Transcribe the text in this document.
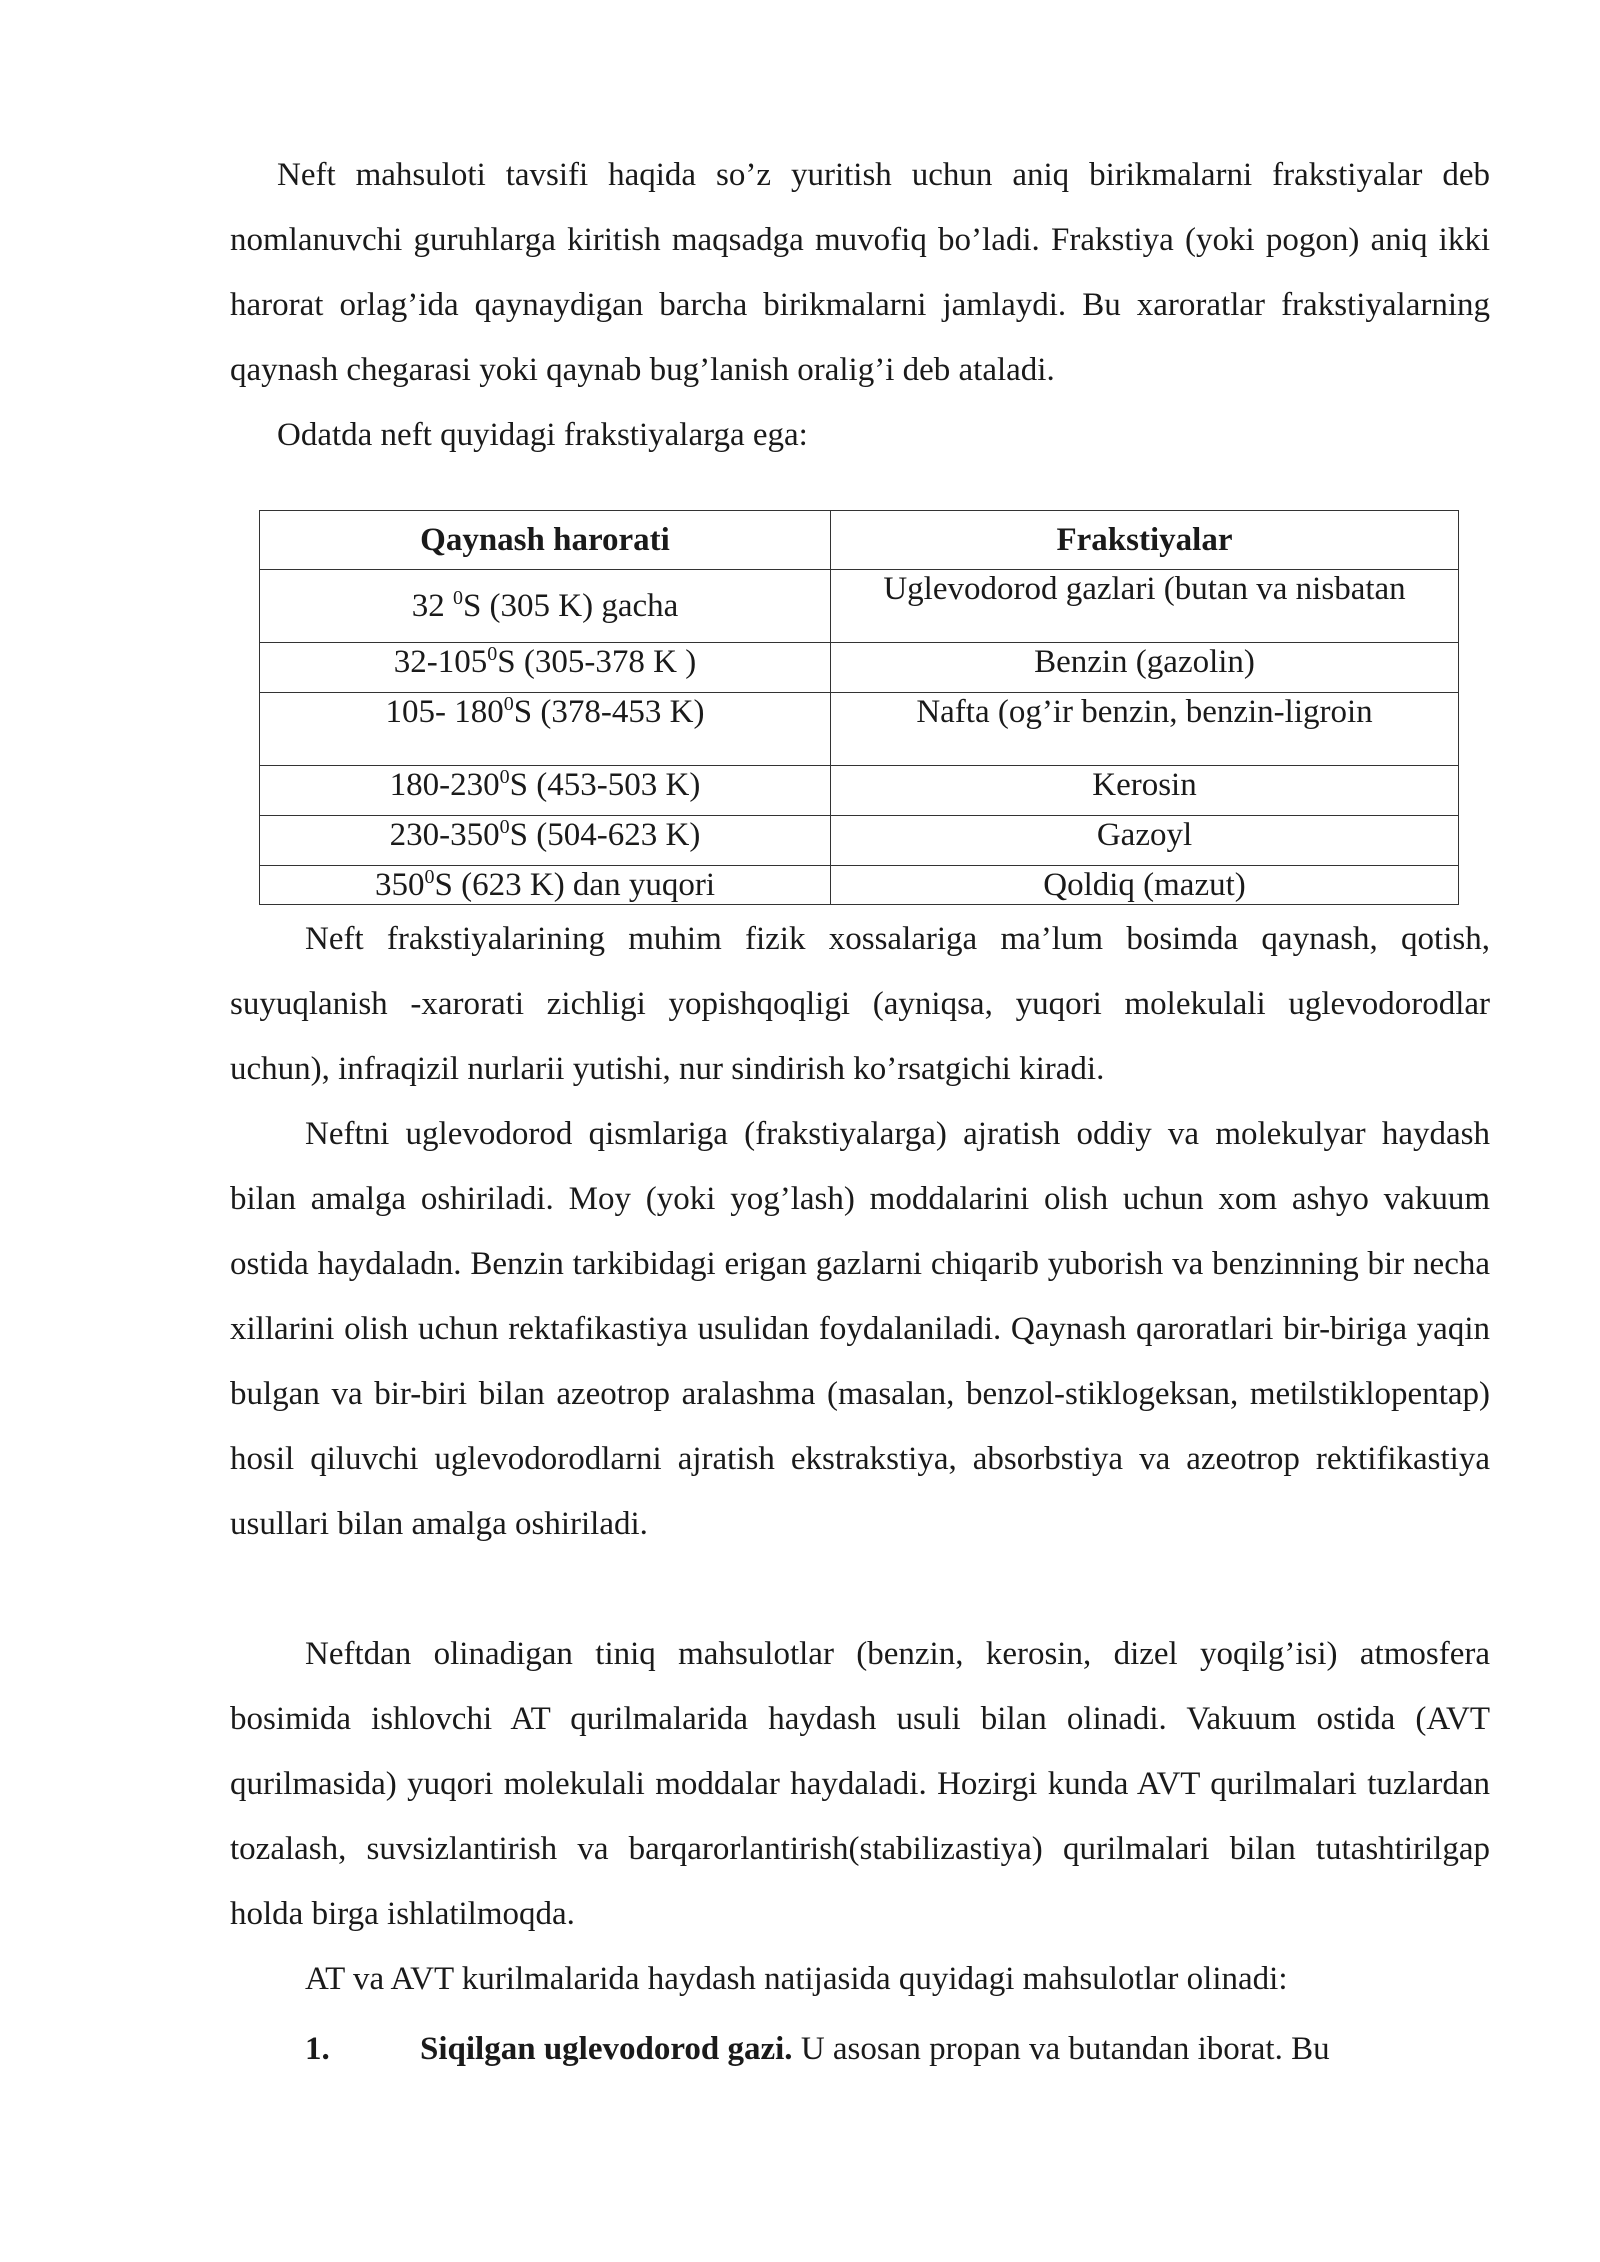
Neft mahsuloti tavsifi haqida so’z yuritish uchun aniq birikmalarni frakstiyalar deb nomlanuvchi guruhlarga kiritish maqsadga muvofiq bo’ladi. Frakstiya (yoki pogon) aniq ikki harorat orlag’ida qaynaydigan barcha birikmalarni jamlaydi. Bu xaroratlar frakstiyalarning qaynash chegarasi yoki qaynab bug’lanish oralig’i deb ataladi.

Odatda neft quyidagi frakstiyalarga ega:

Qaynash harorati	Frakstiyalar
32 $^0$S (305 K) gacha	Uglevodorod gazlari (butan va nisbatan
$32-105^0S$ (305-378 K )	Benzin (gazolin)
105- $180^0S$ (378-453 K)	Nafta (og’ir benzin, benzin-ligroin
$180-230^0S$ (453-503 K)	Kerosin
$230-350^0S$ (504-623 K)	Gazoyl
$350^0S$ (623 K) dan yuqori	Qoldiq (mazut)

Neft frakstiyalarining muhim fizik xossalariga ma’lum bosimda qaynash, qotish, suyuqlanish -xarorati zichligi yopishqoqligi (ayniqsa, yuqori molekulali uglevodorodlar uchun), infraqizil nurlarii yutishi, nur sindirish ko’rsatgichi kiradi.

Neftni uglevodorod qismlariga (frakstiyalarga) ajratish oddiy va molekulyar haydash bilan amalga oshiriladi. Moy (yoki yog’lash) moddalarini olish uchun xom ashyo vakuum ostida haydaladn. Benzin tarkibidagi erigan gazlarni chiqarib yuborish va benzinning bir necha xillarini olish uchun rektafikastiya usulidan foydalaniladi. Qaynash qaroratlari bir-biriga yaqin bulgan va bir-biri bilan azeotrop aralashma (masalan, benzol-stiklogeksan, metilstiklopentap) hosil qiluvchi uglevodorodlarni ajratish ekstrakstiya, absorbstiya va azeotrop rektifikastiya usullari bilan amalga oshiriladi.

Neftdan olinadigan tiniq mahsulotlar (benzin, kerosin, dizel yoqilg’isi) atmosfera bosimida ishlovchi AT qurilmalarida haydash usuli bilan olinadi. Vakuum ostida (AVT qurilmasida) yuqori molekulali moddalar haydaladi. Hozirgi kunda AVT qurilmalari tuzlardan tozalash, suvsizlantirish va barqarorlantirish(stabilizastiya) qurilmalari bilan tutashtirilgap holda birga ishlatilmoqda.

AT va AVT kurilmalarida haydash natijasida quyidagi mahsulotlar olinadi:

1.	Siqilgan uglevodorod gazi. U asosan propan va butandan iborat. Bu
